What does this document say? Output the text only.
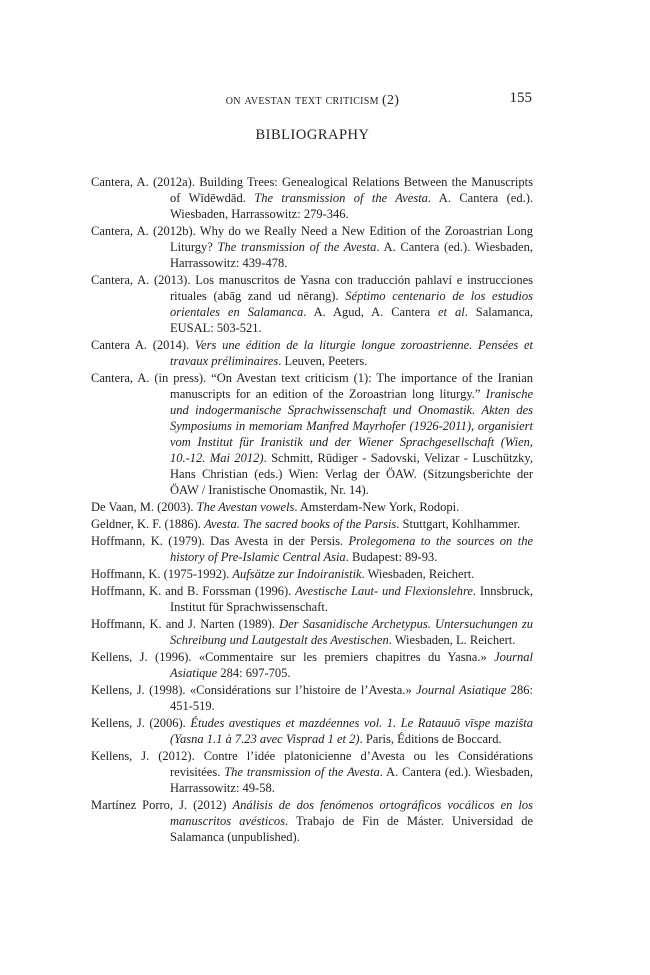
on avestan text criticism (2)	155
BIBLIOGRAPHY
Cantera, A. (2012a). Building Trees: Genealogical Relations Between the Manuscripts of Wīdēwdād. The transmission of the Avesta. A. Cantera (ed.). Wiesbaden, Harrassowitz: 279-346.
Cantera, A. (2012b). Why do we Really Need a New Edition of the Zoroastrian Long Liturgy? The transmission of the Avesta. A. Cantera (ed.). Wiesbaden, Harrassowitz: 439-478.
Cantera, A. (2013). Los manuscritos de Yasna con traducción pahlaví e instrucciones rituales (abāg zand ud nērang). Séptimo centenario de los estudios orientales en Salamanca. A. Agud, A. Cantera et al. Salamanca, EUSAL: 503-521.
Cantera A. (2014). Vers une édition de la liturgie longue zoroastrienne. Pensées et travaux préliminaires. Leuven, Peeters.
Cantera, A. (in press). “On Avestan text criticism (1): The importance of the Iranian manuscripts for an edition of the Zoroastrian long liturgy.” Iranische und indogermanische Sprachwissenschaft und Onomastik. Akten des Symposiums in memoriam Manfred Mayrhofer (1926-2011), organisiert vom Institut für Iranistik und der Wiener Sprachgesellschaft (Wien, 10.-12. Mai 2012). Schmitt, Rüdiger - Sadovski, Velizar - Luschützky, Hans Christian (eds.) Wien: Verlag der ÖAW. (Sitzungsberichte der ÖAW / Iranistische Onomastik, Nr. 14).
De Vaan, M. (2003). The Avestan vowels. Amsterdam-New York, Rodopi.
Geldner, K. F. (1886). Avesta. The sacred books of the Parsis. Stuttgart, Kohlhammer.
Hoffmann, K. (1979). Das Avesta in der Persis. Prolegomena to the sources on the history of Pre-Islamic Central Asia. Budapest: 89-93.
Hoffmann, K. (1975-1992). Aufsätze zur Indoiranistik. Wiesbaden, Reichert.
Hoffmann, K. and B. Forssman (1996). Avestische Laut- und Flexionslehre. Innsbruck, Institut für Sprachwissenschaft.
Hoffmann, K. and J. Narten (1989). Der Sasanidische Archetypus. Untersuchungen zu Schreibung und Lautgestalt des Avestischen. Wiesbaden, L. Reichert.
Kellens, J. (1996). «Commentaire sur les premiers chapitres du Yasna.» Journal Asiatique 284: 697-705.
Kellens, J. (1998). «Considérations sur l’histoire de l’Avesta.» Journal Asiatique 286: 451-519.
Kellens, J. (2006). Études avestiques et mazdéennes vol. 1. Le Ratauuō vīspe mazišta (Yasna 1.1 à 7.23 avec Visprad 1 et 2). Paris, Éditions de Boccard.
Kellens, J. (2012). Contre l’idée platonicienne d’Avesta ou les Considérations revisitées. The transmission of the Avesta. A. Cantera (ed.). Wiesbaden, Harrassowitz: 49-58.
Martínez Porro, J. (2012) Análisis de dos fenómenos ortográficos vocálicos en los manuscritos avésticos. Trabajo de Fin de Máster. Universidad de Salamanca (unpublished).
